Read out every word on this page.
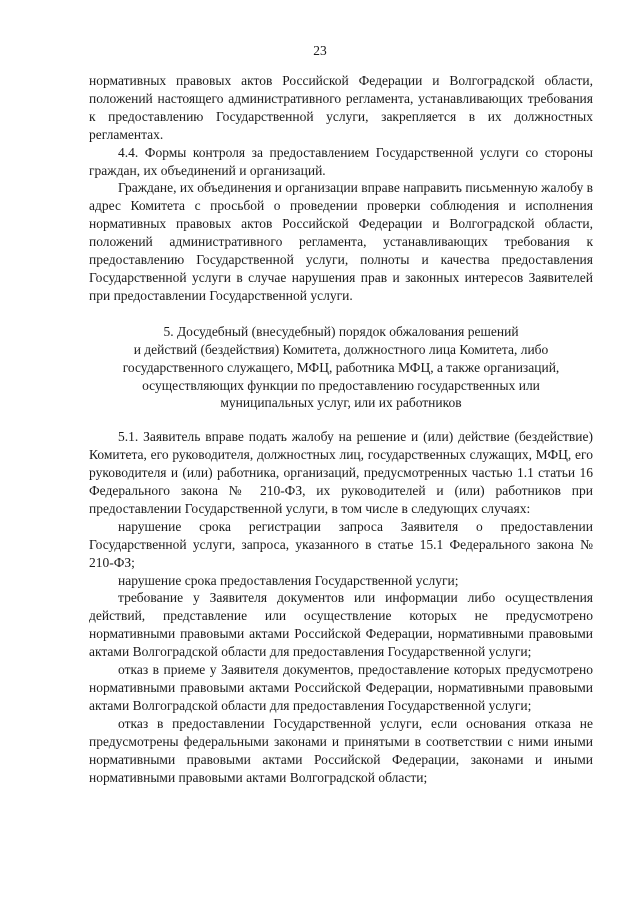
23

нормативных правовых актов Российской Федерации и Волгоградской области, положений настоящего административного регламента, устанавливающих требования к предоставлению Государственной услуги, закрепляется в их должностных регламентах.

4.4. Формы контроля за предоставлением Государственной услуги со стороны граждан, их объединений и организаций.

Граждане, их объединения и организации вправе направить письменную жалобу в адрес Комитета с просьбой о проведении проверки соблюдения и исполнения нормативных правовых актов Российской Федерации и Волгоградской области, положений административного регламента, устанавливающих требования к предоставлению Государственной услуги, полноты и качества предоставления Государственной услуги в случае нарушения прав и законных интересов Заявителей при предоставлении Государственной услуги.

5. Досудебный (внесудебный) порядок обжалования решений
и действий (бездействия) Комитета, должностного лица Комитета, либо
государственного служащего, МФЦ, работника МФЦ, а также организаций,
осуществляющих функции по предоставлению государственных или
муниципальных услуг, или их работников

5.1. Заявитель вправе подать жалобу на решение и (или) действие (бездействие) Комитета, его руководителя, должностных лиц, государственных служащих, МФЦ, его руководителя и (или) работника, организаций, предусмотренных частью 1.1 статьи 16 Федерального закона № 210-ФЗ, их руководителей и (или) работников при предоставлении Государственной услуги, в том числе в следующих случаях:

нарушение срока регистрации запроса Заявителя о предоставлении Государственной услуги, запроса, указанного в статье 15.1 Федерального закона № 210-ФЗ;

нарушение срока предоставления Государственной услуги;

требование у Заявителя документов или информации либо осуществления действий, представление или осуществление которых не предусмотрено нормативными правовыми актами Российской Федерации, нормативными правовыми актами Волгоградской области для предоставления Государственной услуги;

отказ в приеме у Заявителя документов, предоставление которых предусмотрено нормативными правовыми актами Российской Федерации, нормативными правовыми актами Волгоградской области для предоставления Государственной услуги;

отказ в предоставлении Государственной услуги, если основания отказа не предусмотрены федеральными законами и принятыми в соответствии с ними иными нормативными правовыми актами Российской Федерации, законами и иными нормативными правовыми актами Волгоградской области;
